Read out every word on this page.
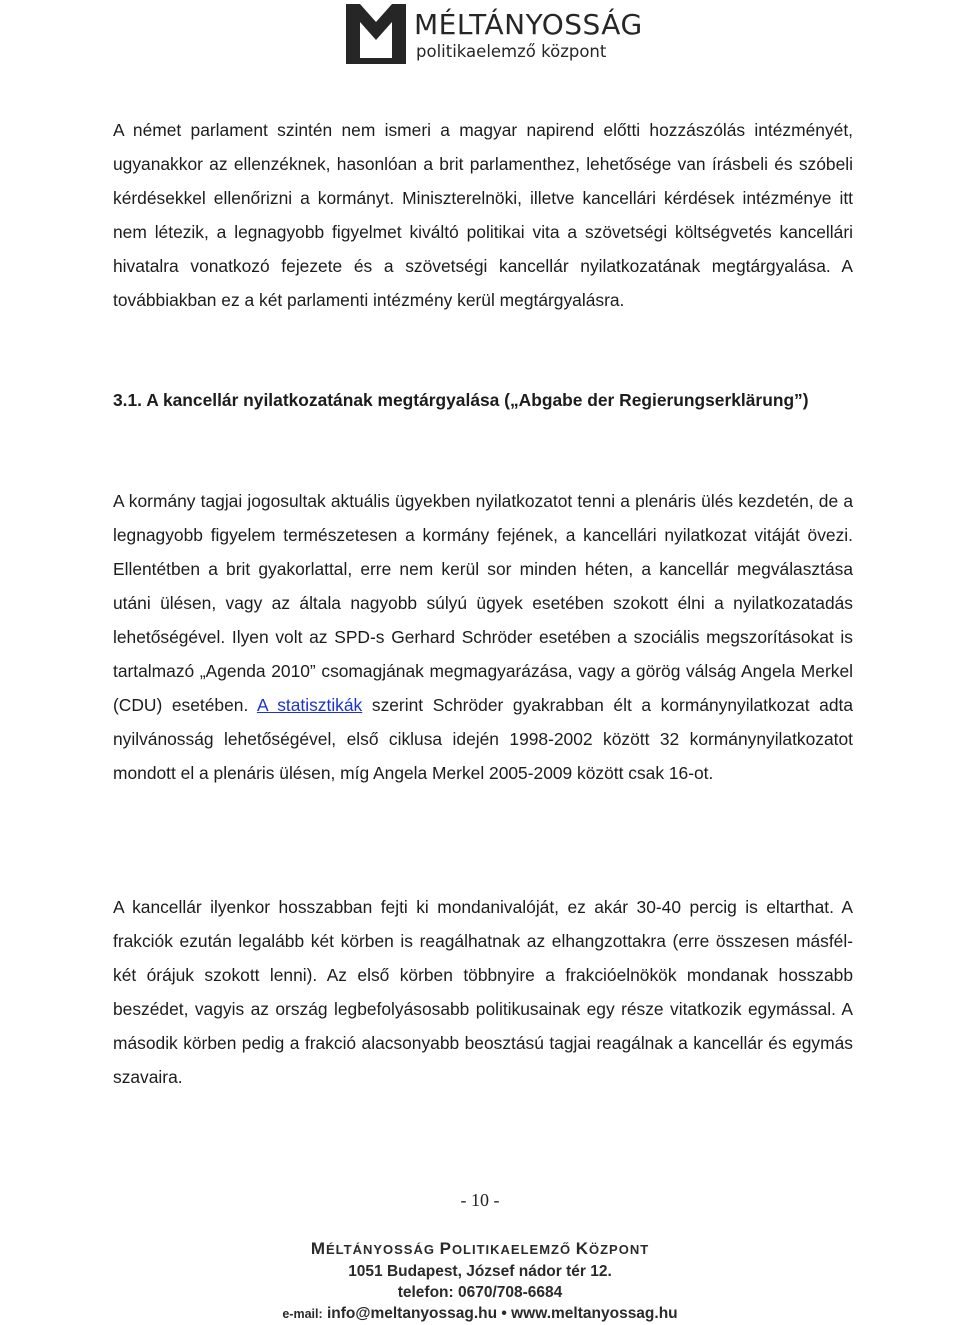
MÉLTÁNYOSSÁG
politikaelemző központ

A német parlament szintén nem ismeri a magyar napirend előtti hozzászólás intézményét, ugyanakkor az ellenzéknek, hasonlóan a brit parlamenthez, lehetősége van írásbeli és szóbeli kérdésekkel ellenőrizni a kormányt. Miniszterelnöki, illetve kancellári kérdések intézménye itt nem létezik, a legnagyobb figyelmet kiváltó politikai vita a szövetségi költségvetés kancellári hivatalra vonatkozó fejezete és a szövetségi kancellár nyilatkozatának megtárgyalása. A továbbiakban ez a két parlamenti intézmény kerül megtárgyalásra.

3.1. A kancellár nyilatkozatának megtárgyalása („Abgabe der Regierungserklärung”)

A kormány tagjai jogosultak aktuális ügyekben nyilatkozatot tenni a plenáris ülés kezdetén, de a legnagyobb figyelem természetesen a kormány fejének, a kancellári nyilatkozat vitáját övezi. Ellentétben a brit gyakorlattal, erre nem kerül sor minden héten, a kancellár megválasztása utáni ülésen, vagy az általa nagyobb súlyú ügyek esetében szokott élni a nyilatkozatadás lehetőségével. Ilyen volt az SPD-s Gerhard Schröder esetében a szociális megszorításokat is tartalmazó „Agenda 2010” csomagjának megmagyarázása, vagy a görög válság Angela Merkel (CDU) esetében. A statisztikák szerint Schröder gyakrabban élt a kormánynyilatkozat adta nyilvánosság lehetőségével, első ciklusa idején 1998-2002 között 32 kormánynyilatkozatot mondott el a plenáris ülésen, míg Angela Merkel 2005-2009 között csak 16-ot.

A kancellár ilyenkor hosszabban fejti ki mondanivalóját, ez akár 30-40 percig is eltarthat. A frakciók ezután legalább két körben is reagálhatnak az elhangzottakra (erre összesen másfél-két órájuk szokott lenni). Az első körben többnyire a frakcióelnökök mondanak hosszabb beszédet, vagyis az ország legbefolyásosabb politikusainak egy része vitatkozik egymással. A második körben pedig a frakció alacsonyabb beosztású tagjai reagálnak a kancellár és egymás szavaira.

- 10 -
MÉLTÁNYOSSÁG POLITIKAELEMZŐ KÖZPONT
1051 Budapest, József nádor tér 12.
telefon: 0670/708-6684
e-mail: info@meltanyossag.hu • www.meltanyossag.hu
